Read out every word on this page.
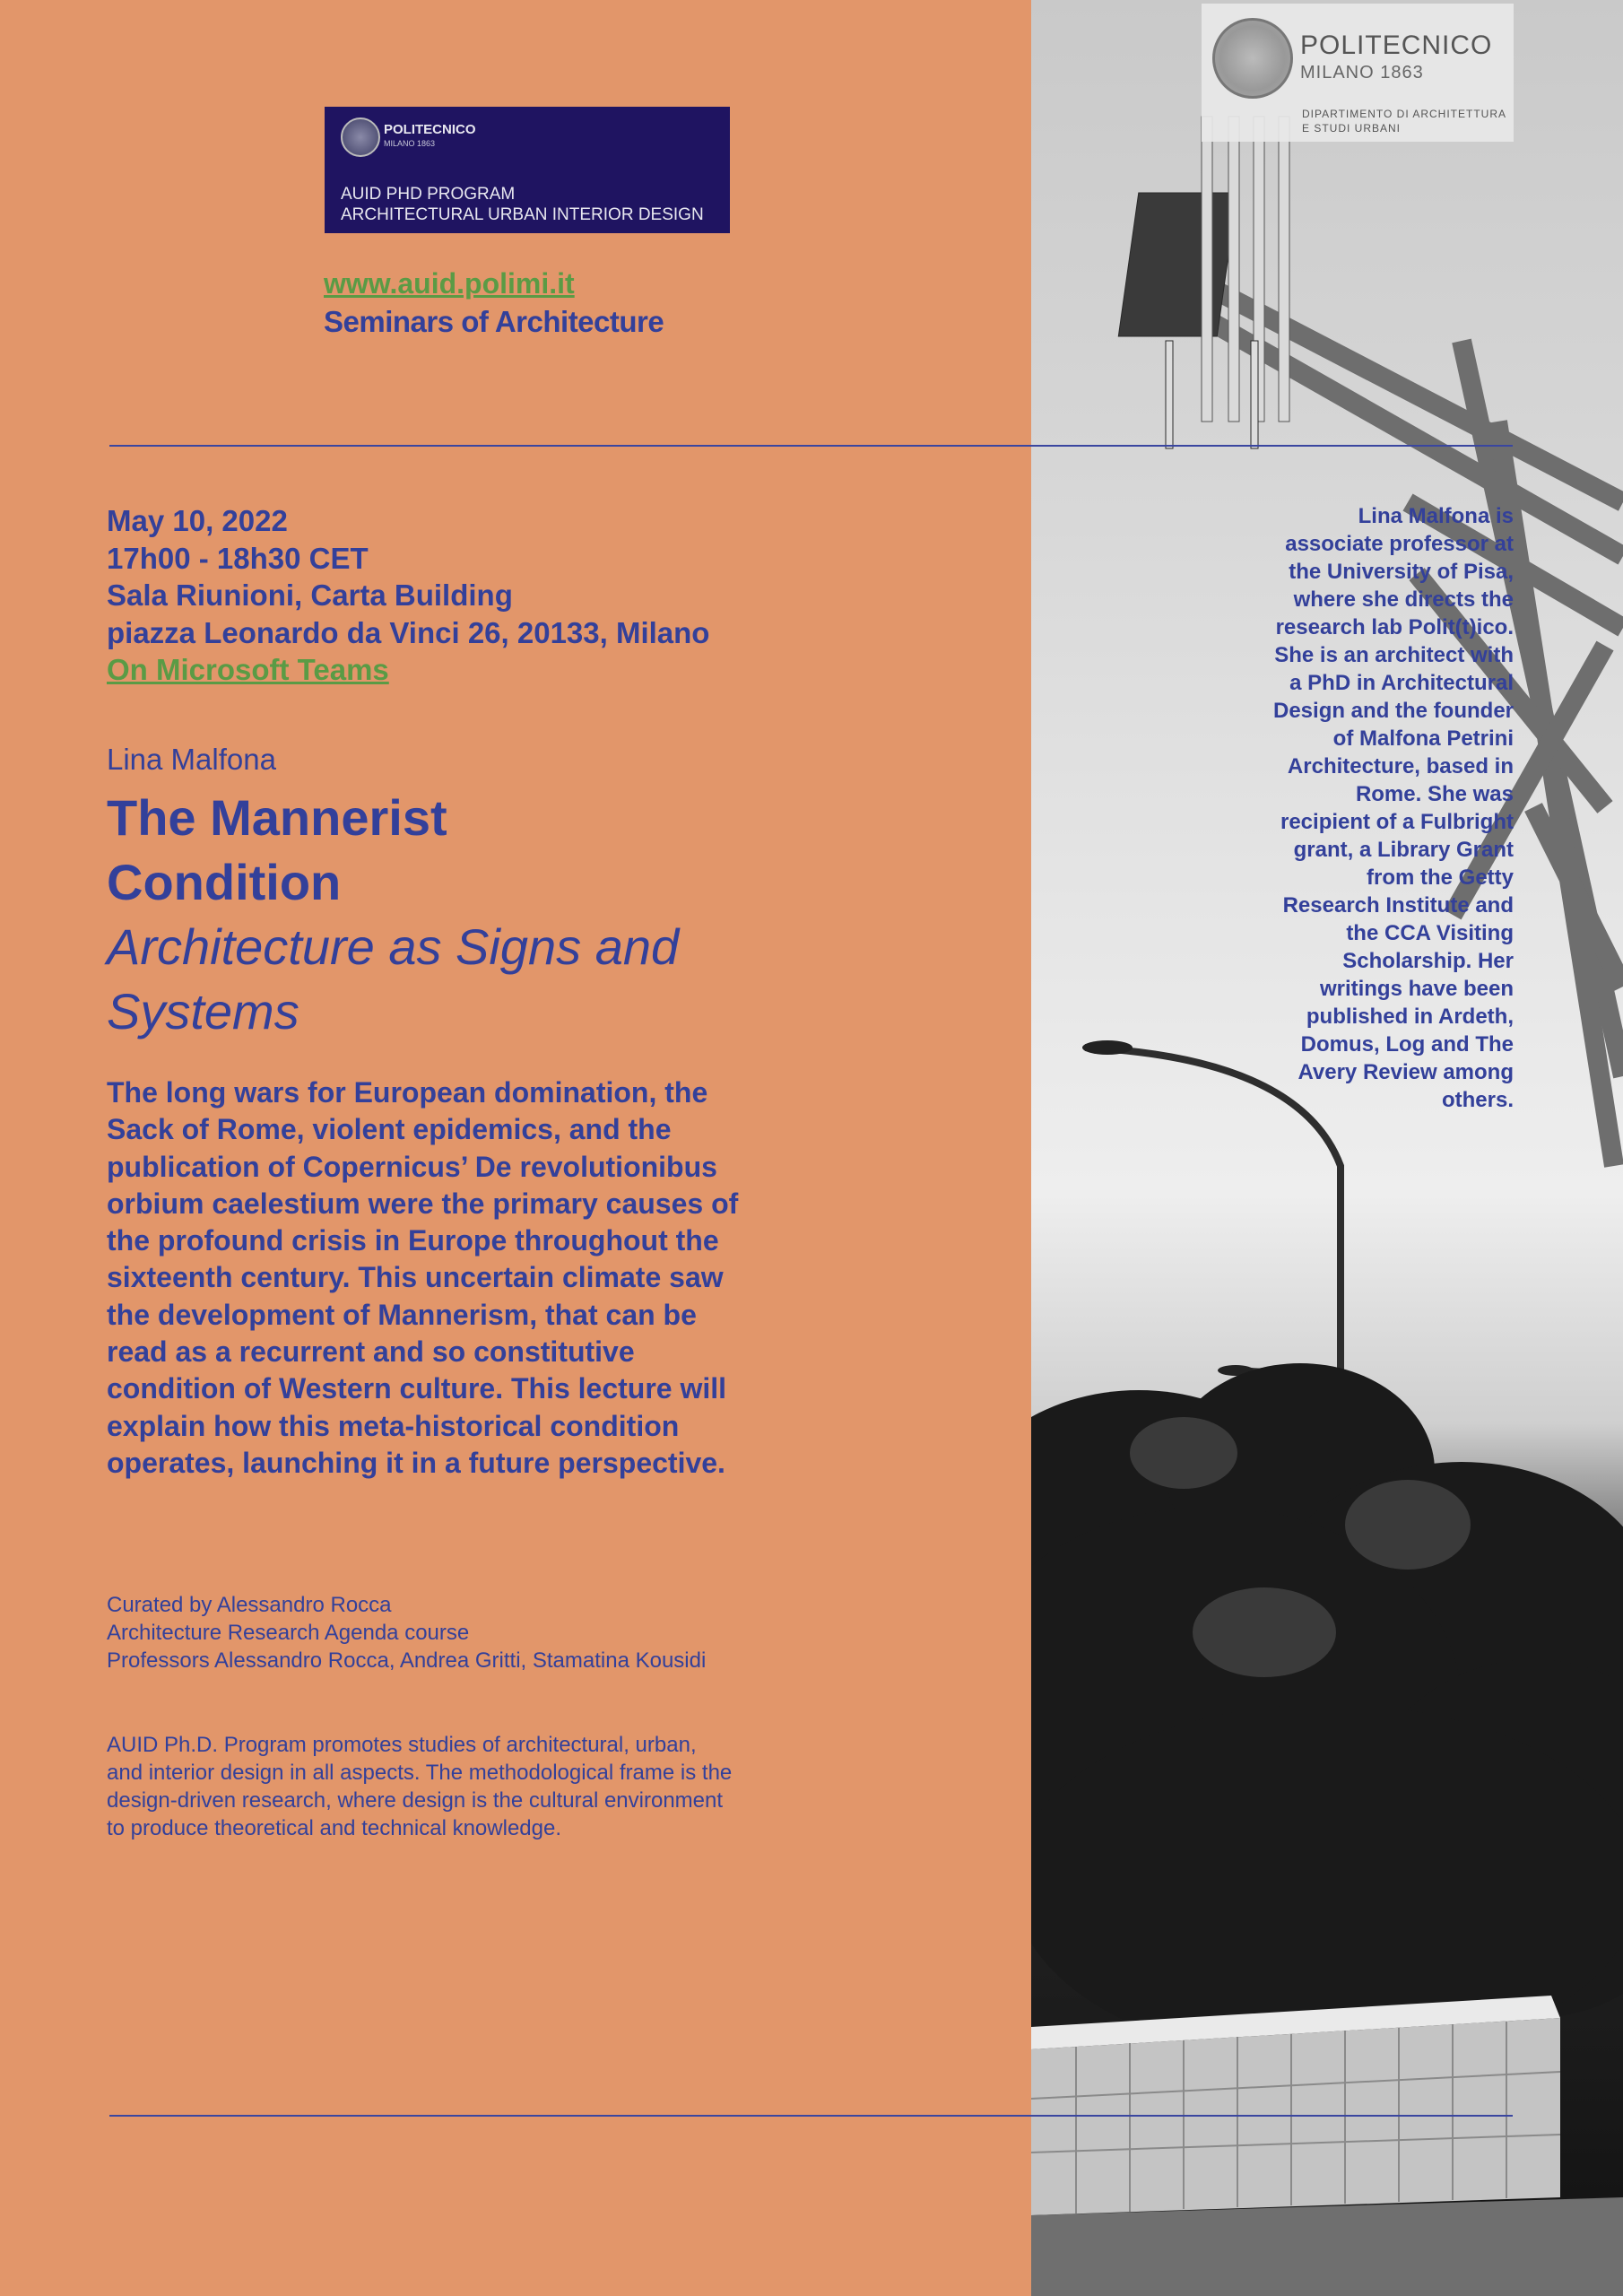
POLITECNICO
MILANO 1863
DIPARTIMENTO DI ARCHITETTURA
E STUDI URBANI
POLITECNICO
MILANO 1863
AUID PHD PROGRAM
ARCHITECTURAL URBAN INTERIOR DESIGN
www.auid.polimi.it
Seminars of Architecture
May 10, 2022
17h00 - 18h30 CET
Sala Riunioni, Carta Building
piazza Leonardo da Vinci 26, 20133, Milano
On Microsoft Teams
Lina Malfona
The Mannerist
Condition
Architecture as Signs and
Systems

The long wars for European domination, the Sack of Rome, violent epidemics, and the publication of Copernicus’ De revolutionibus orbium caelestium were the primary causes of the profound crisis in Europe throughout the sixteenth century. This uncertain climate saw the development of Mannerism, that can be read as a recurrent and so constitutive condition of Western culture. This lecture will explain how this meta-historical condition operates, launching it in a future perspective.

Curated by Alessandro Rocca
Architecture Research Agenda course
Professors Alessandro Rocca, Andrea Gritti, Stamatina Kousidi

AUID Ph.D. Program promotes studies of architectural, urban, and interior design in all aspects. The methodological frame is the design-driven research, where design is the cultural environment to produce theoretical and technical knowledge.

Lina Malfona is associate professor at the University of Pisa, where she directs the research lab Polit(t)ico. She is an architect with a PhD in Architectural Design and the founder of Malfona Petrini Architecture, based in Rome. She was recipient of a Fulbright grant, a Library Grant from the Getty Research Institute and the CCA Visiting Scholarship. Her writings have been published in Ardeth, Domus, Log and The Avery Review among others.
